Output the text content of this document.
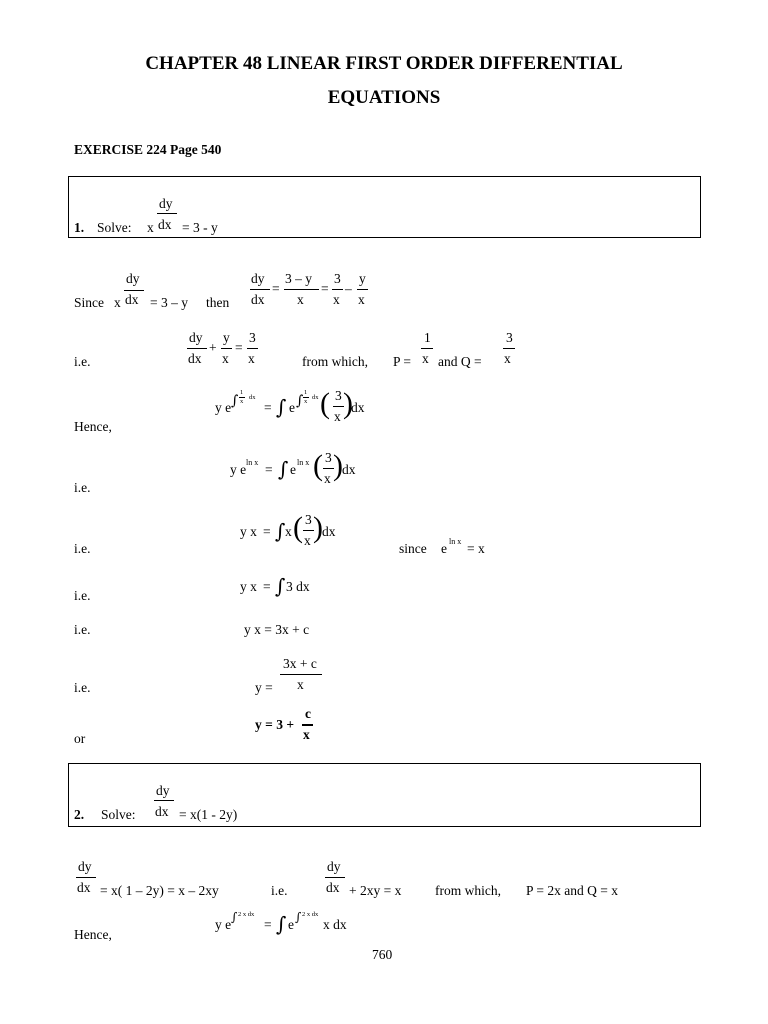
CHAPTER 48 LINEAR FIRST ORDER DIFFERENTIAL
EQUATIONS
EXERCISE 224 Page 540
1. Solve: x
dy
dx = 3 - y
Since x
dy
dx = 3 – y then
dy
dx
=
3 – y
x
=
3
x
–
y
x
i.e.
dy
dx
+
y
x
=
3
x	from which, P =
1
x and Q =
3
x
Hence,
y e ∫
1
x
dx
= ∫ e ∫
1
x
dx ( 3
x )
dx
i.e.
y e ln x = ∫ e ln x ( 3
x ) dx
i.e.
y x = ∫ x ( 3
x ) dx
since e ln x = x
i.e.
y x = ∫ 3 dx
i.e.	y x = 3x + c
i.e.	y =
3x + c
x
or
y = 3 +
c
x
2. Solve:
dy
dx = x(1 - 2y)
dy
dx = x( 1 – 2y) = x – 2xy	i.e.
dy
dx + 2xy = x from which, P = 2x and Q = x
Hence,
y e ∫ 2 x dx
= ∫ e ∫ 2 x dx
x dx
760
